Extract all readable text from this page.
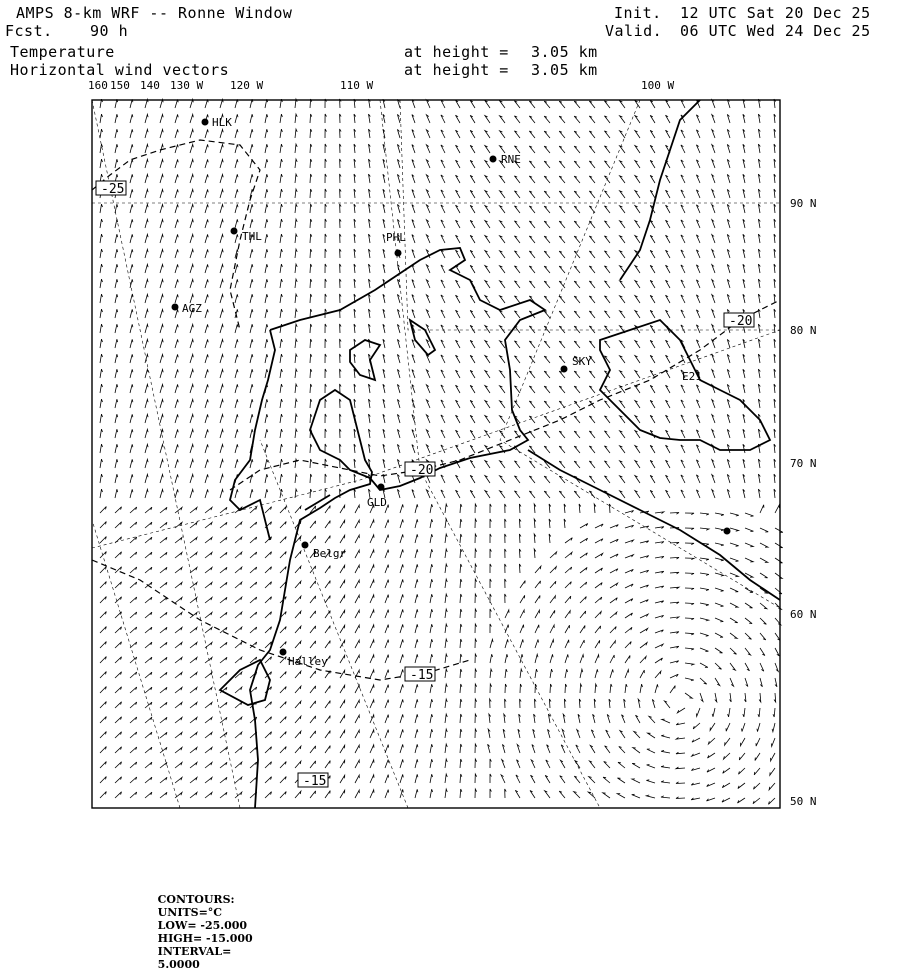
AMPS 8-km WRF -- Ronne Window
Fcst. 90 h
Temperature
Horizontal wind vectors
at height = 3.05 km
at height = 3.05 km
Init. 12 UTC Sat 20 Dec 25
Valid. 06 UTC Wed 24 Dec 25
-25
-20
-20
-15
-15
HLK
RNE
THL	PHL
AGZ
SKY
GLD
Belgr
Halley
E21
160 150 140 130 W 120 W	110 W	100 W
90 N
80 N
70 N
60 N
50 N

CONTOURS:
UNITS=°C
LOW= -25.000
HIGH= -15.000
INTERVAL=
5.0000
